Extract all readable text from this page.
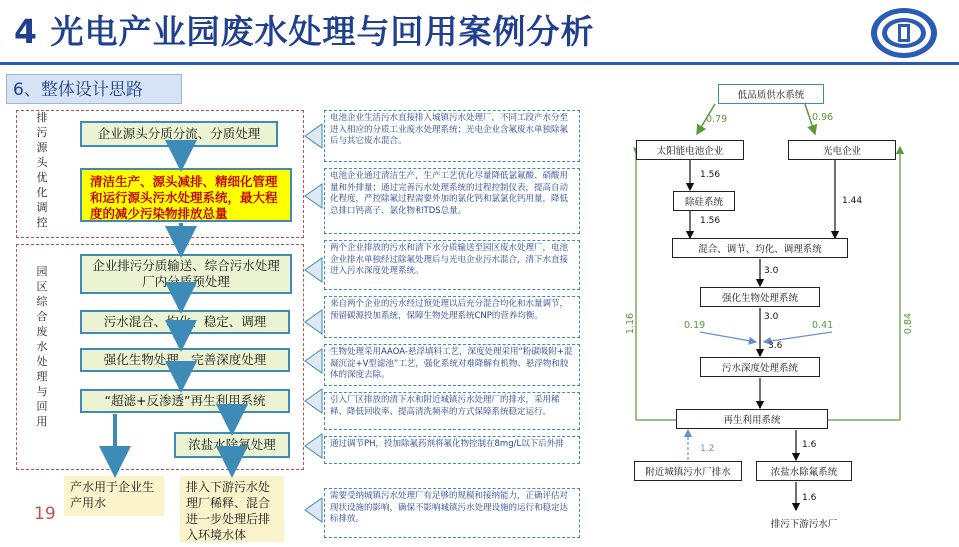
4 光电产业园废水处理与回用案例分析
6、整体设计思路
排污源头优化调控
园区综合废水处理与回用
企业源头分质分流、分质处理
清洁生产、源头减排、精细化管理和运行源头污水处理系统，最大程度的减少污染物排放总量
企业排污分质输送、综合污水处理厂内分质预处理
污水混合、均化、稳定、调理
强化生物处理，完善深度处理
“超滤+反渗透”再生利用系统
浓盐水除氟处理
产水用于企业生产用水
排入下游污水处理厂稀释、混合进一步处理后排入环境水体
19
电池企业生活污水直接排入城镇污水处理厂，不同工段产水分至进入相应的分质工业废水处理系统；光电企业含氟废水单独除氟后与其它废水混合。
电池企业通过清洁生产，生产工艺优化尽量降低氯氟酸、硝酸用量和外排量；通过完善污水处理系统的过程控制仪表，提高自动化程度，严控除氟过程需要外加的氯化钙和氯氯化钙用量，降低总排口钙离子、氯化物和TDS总量。
两个企业排放的污水和清下水分质输送至园区废水处理厂，电池企业排水单独经过除氟处理后与光电企业污水混合，清下水直接进入污水深度处理系统。
来自两个企业的污水经过预处理以后充分混合均化和水量调节，预留碳源投加系统，保障生物处理系统CNP的营养均衡。
生物处理采用AAOA-悬浮填料工艺，深度处理采用“粉碳吸附+混凝沉淀+V型滤池”工艺，强化系统对难降解有机物、悬浮物和胶体的深度去除。
引入厂区排放的清下水和附近城镇污水处理厂的排水，采用稀释、降低回收率、提高清洗频率的方式保障系统稳定运行。
通过调节PH，投加除氟药剂将氟化物控制在8mg/L以下后外排
需要受纳城镇污水处理厂有足够的规模和接纳能力，正确评估对现状设施的影响，确保不影响城镇污水处理设施的运行和稳定达标排放。
低品质供水系统
太阳能电池企业	光电企业
除硅系统
混合、调节、均化、调理系统
强化生物处理系统
污水深度处理系统
再生利用系统
附近城镇污水厂排水	浓盐水除氟系统
排污下游污水厂
0.79	0.96
1.56
1.56
1.44
3.0
3.0
0.19	0.41
3.6
1.16	0.84
1.2	1.6
1.6
